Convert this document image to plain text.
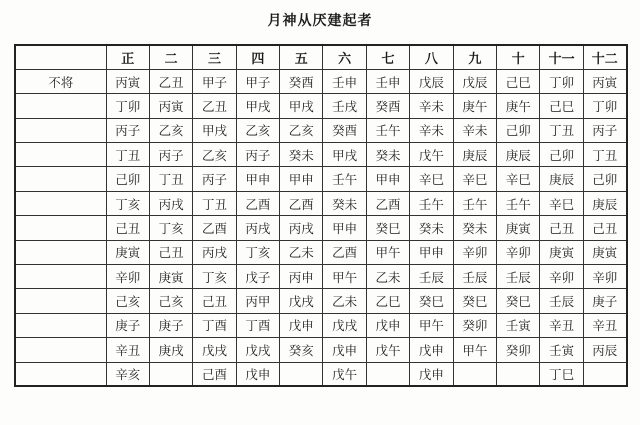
月神从厌建起者
	正	二	三	四	五	六	七	八	九	十	十一	十二
不将	丙寅	乙丑	甲子	甲子	癸酉	壬申	壬申	戊辰	戊辰	己巳	丁卯	丙寅
	丁卯	丙寅	乙丑	甲戌	甲戌	壬戌	癸酉	辛未	庚午	庚午	己巳	丁卯
	丙子	乙亥	甲戌	乙亥	乙亥	癸酉	壬午	辛未	辛未	己卯	丁丑	丙子
	丁丑	丙子	乙亥	丙子	癸未	甲戌	癸未	戊午	庚辰	庚辰	己卯	丁丑
	己卯	丁丑	丙子	甲申	甲申	壬午	甲申	辛巳	辛巳	辛巳	庚辰	己卯
	丁亥	丙戌	丁丑	乙酉	乙酉	癸未	乙酉	壬午	壬午	壬午	辛巳	庚辰
	己丑	丁亥	乙酉	丙戌	丙戌	甲申	癸巳	癸未	癸未	庚寅	己丑	己丑
	庚寅	己丑	丙戌	丁亥	乙未	乙酉	甲午	甲申	辛卯	辛卯	庚寅	庚寅
	辛卯	庚寅	丁亥	戊子	丙申	甲午	乙未	壬辰	壬辰	壬辰	辛卯	辛卯
	己亥	己亥	己丑	丙甲	戊戌	乙未	乙巳	癸巳	癸巳	癸巳	壬辰	庚子
	庚子	庚子	丁酉	丁酉	戊申	戊戌	戊申	甲午	癸卯	壬寅	辛丑	辛丑
	辛丑	庚戌	戊戌	戊戌	癸亥	戊申	戊午	戊申	甲午	癸卯	壬寅	丙辰
	辛亥		己酉	戊申		戊午		戊申			丁巳	
